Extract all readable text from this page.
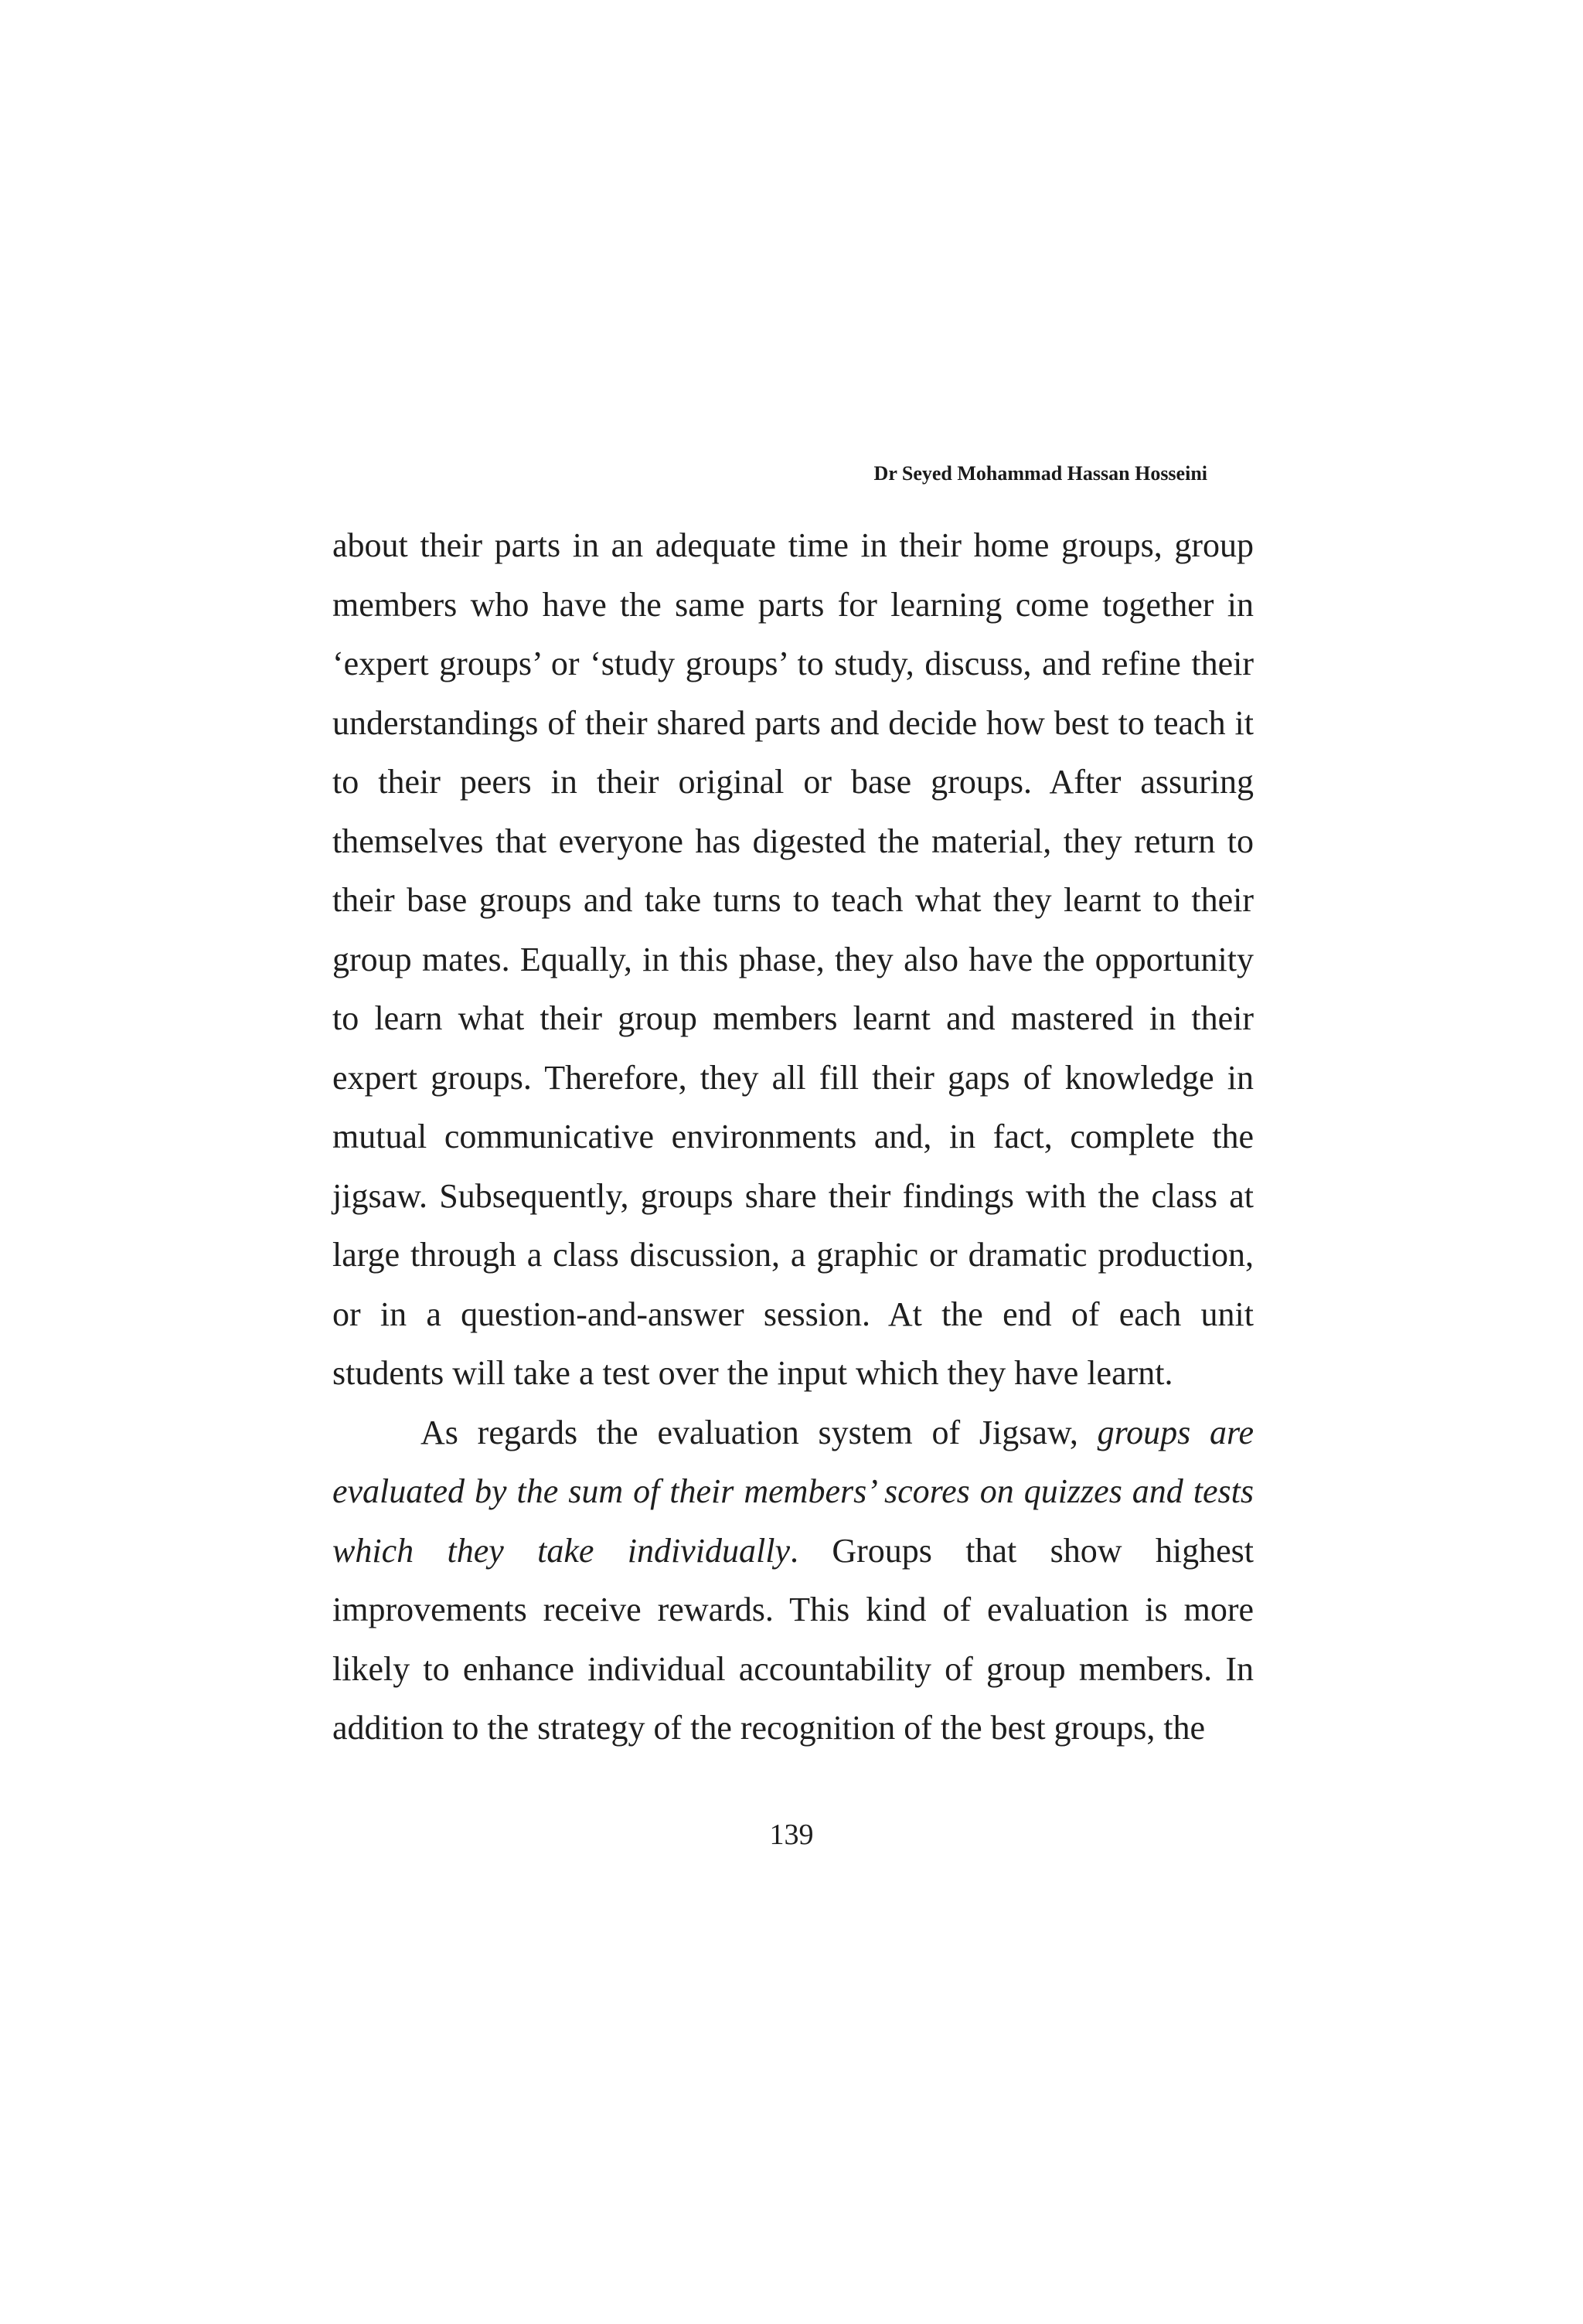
Dr Seyed Mohammad Hassan Hosseini

about their parts in an adequate time in their home groups, group members who have the same parts for learning come together in ‘expert groups’ or ‘study groups’ to study, discuss, and refine their understandings of their shared parts and decide how best to teach it to their peers in their original or base groups. After assuring themselves that everyone has digested the material, they return to their base groups and take turns to teach what they learnt to their group mates. Equally, in this phase, they also have the opportunity to learn what their group members learnt and mastered in their expert groups. Therefore, they all fill their gaps of knowledge in mutual communicative environments and, in fact, complete the jigsaw. Subsequently, groups share their findings with the class at large through a class discussion, a graphic or dramatic production, or in a question-and-answer session. At the end of each unit students will take a test over the input which they have learnt.

As regards the evaluation system of Jigsaw, groups are evaluated by the sum of their members’ scores on quizzes and tests which they take individually. Groups that show highest improvements receive rewards. This kind of evaluation is more likely to enhance individual accountability of group members. In addition to the strategy of the recognition of the best groups, the

139
